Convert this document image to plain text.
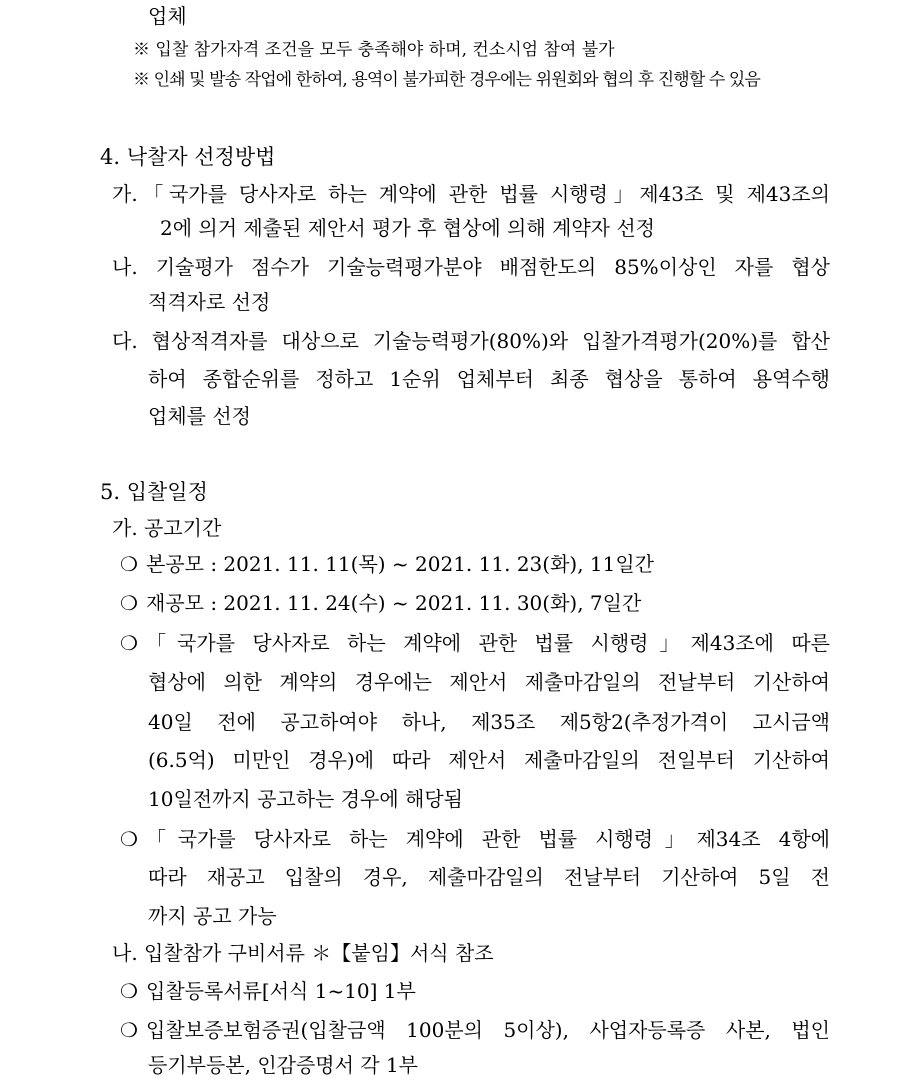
업체
※ 입찰 참가자격 조건을 모두 충족해야 하며, 컨소시엄 참여 불가
※ 인쇄 및 발송 작업에 한하여, 용역이 불가피한 경우에는 위원회와 협의 후 진행할 수 있음
4. 낙찰자 선정방법
가.「국가를 당사자로 하는 계약에 관한 법률 시행령」제43조 및 제43조의
2에 의거 제출된 제안서 평가 후 협상에 의해 계약자 선정
나. 기술평가 점수가 기술능력평가분야 배점한도의 85%이상인 자를 협상
적격자로 선정
다. 협상적격자를 대상으로 기술능력평가(80%)와 입찰가격평가(20%)를 합산
하여 종합순위를 정하고 1순위 업체부터 최종 협상을 통하여 용역수행
업체를 선정
5. 입찰일정
가. 공고기간
❍ 본공모 : 2021. 11. 11(목) ~ 2021. 11. 23(화), 11일간
❍ 재공모 : 2021. 11. 24(수) ~ 2021. 11. 30(화), 7일간
❍ 「국가를 당사자로 하는 계약에 관한 법률 시행령」제43조에 따른
협상에 의한 계약의 경우에는 제안서 제출마감일의 전날부터 기산하여
40일 전에 공고하여야 하나, 제35조 제5항2(추정가격이 고시금액
(6.5억) 미만인 경우)에 따라 제안서 제출마감일의 전일부터 기산하여
10일전까지 공고하는 경우에 해당됨
❍ 「국가를 당사자로 하는 계약에 관한 법률 시행령」제34조 4항에
따라 재공고 입찰의 경우, 제출마감일의 전날부터 기산하여 5일 전
까지 공고 가능
나. 입찰참가 구비서류 ＊【붙임】서식 참조
❍ 입찰등록서류[서식 1~10] 1부
❍ 입찰보증보험증권(입찰금액 100분의 5이상), 사업자등록증 사본, 법인
등기부등본, 인감증명서 각 1부
